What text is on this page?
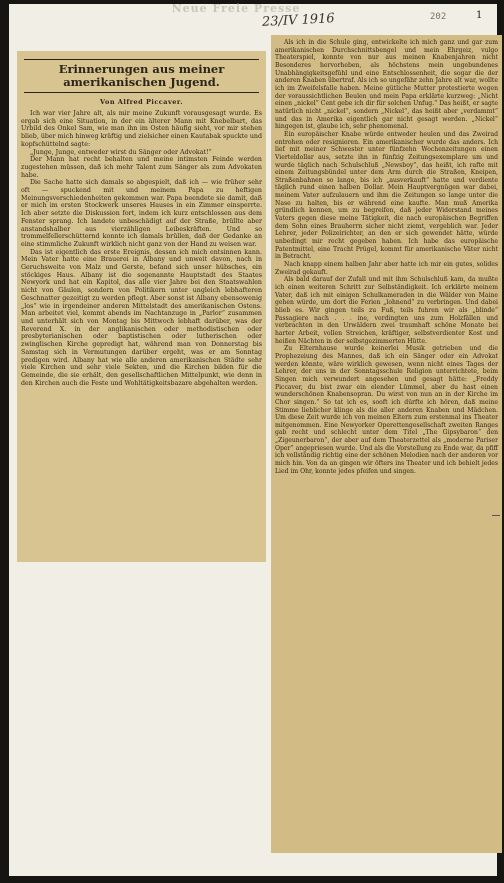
Neue Freie Presse
23/IV 1916	202	1
Erinnerungen aus meiner amerikanischen Jugend.
Von Alfred Piccaver.

Ich war vier Jahre alt, als mir meine Zukunft vorausgesagt wurde. Es ergab sich eine Situation, in der ein älterer Mann mit Knebelbart, das Urbild des Onkel Sam, wie man ihn im Osten häufig sieht, vor mir stehen blieb, über mich hinweg kräftig und zielsicher einen Kautabak spuckte und kopfschüttelnd sagte:

„Junge, Junge, entweder wirst du Sänger oder Advokat!“

Der Mann hat recht behalten und meine intimsten Feinde werden zugestehen müssen, daß ich mehr Talent zum Sänger als zum Advokaten habe.

Die Sache hatte sich damals so abgespielt, daß ich — wie früher sehr oft — spuckend mit und meinem Papa zu heftigen Meinungsverschiedenheiten gekommen war. Papa beendete sie damit, daß er mich im ersten Stockwerk unseres Hauses in ein Zimmer einsperrte. Ich aber setzte die Diskussion fort, indem ich kurz entschlossen aus dem Fenster sprang. Ich landete unbeschädigt auf der Straße, brüllte aber anstandshalber aus vierzähligen Leibeskräften. Und so trommelfellerschütternd konnte ich damals brüllen, daß der Gedanke an eine stimmliche Zukunft wirklich nicht ganz von der Hand zu weisen war.

Das ist eigentlich das erste Ereignis, dessen ich mich entsinnen kann. Mein Vater hatte eine Brauerei in Albany und unweit davon, nach in Geruchsweite von Malz und Gerste, befand sich unser hübsches, ein stöckiges Haus. Albany ist die sogenannte Hauptstadt des Staates Newyork und hat ein Kapitol, das alle vier Jahre bei den Staatswahlen nicht von Gäulen, sondern von Politikern unter ungleich lebhafteren Geschnatter gezeitigt zu werden pflegt. Aber sonst ist Albany ebensowenig „los“ wie in irgendeiner anderen Mittelstadt des amerikanischen Ostens. Man arbeitet viel, kommt abends im Nachtanzuge in „Parlor“ zusammen und unterhält sich von Montag bis Mittwoch lebhaft darüber, was der Reverend X. in der anglikanischen oder methodistischen oder presbyterianischen oder baptistischen oder lutherischen oder zwinglischen Kirche gepredigt hat, während man von Donnerstag bis Samstag sich in Vermutungen darüber ergeht, was er am Sonntag predigen wird. Albany hat wie alle anderen amerikanischen Städte sehr viele Kirchen und sehr viele Sekten, und die Kirchen bilden für die Gemeinde, die sie erhält, den gesellschaftlichen Mittelpunkt, wie denn in den Kirchen auch die Feste und Wohltätigkeitsbazare abgehalten werden.

Als ich in die Schule ging, entwickelte ich mich ganz und gar zum amerikanischen Durchschnittsbengel und mein Ehrgeiz, vulgo Theaterspiel, konnte von nur aus meinen Knabenjahren nicht Besonderes hervorheben, als höchstens mein ungebundenes Unabhängigkeitsgefühl und eine Entschlossenheit, die sogar die der anderen Knaben übertraf. Als ich so ungefähr zehn Jahre alt war, wollte ich im Zweifelsfalle haben. Meine gütliche Mutter protestierte wegen der voraussichtlichen Beulen und mein Papa erklärte kurzweg: „Nicht einen „nickel“ Cent gebe ich dir für solchen Unfug.“ Das heißt, er sagte natürlich nicht „nickel“, sondern „Nickel“, das heißt aber „verdammt“ und das in Amerika eigentlich gar nicht gesagt werden. „Nickel“ hingegen ist, glaube ich, sehr phenomenal.

Ein europäischer Knabe würde entweder heulen und das Zweirad entrohen oder resignieren. Ein amerikanischer wurde das anders. Ich lief mit meiner Schwester unter fünfzehn Wochenzeitungen einen Vierteldollar aus, setzte ihn in fünfzig Zeitungsexemplare um und wurde täglich nach Schulschluß „Newsboy“, das heißt, ich rafte mit einem Zeitungsbündel unter dem Arm durch die Straßen, Kneipen, Straßenbahnen so lange, bis ich „ausverkauft“ hatte und verdiente täglich rund einen halben Dollar. Mein Hauptvergnügen war dabei, meinem Vater aufzulauern und ihm die Zeitungen so lange unter die Nase zu halten, bis er während eine kaufte. Man muß Amerika gründlich kennen, um zu begreifen, daß jeder Widerstand meines Vaters gegen diese meine Tätigkeit, die nach europäischen Begriffen dem Sohn eines Brauherrn sicher nicht ziemt, vergeblich war. Jeder Lehrer, jeder Polizeirichter, an den er sich gewendet hätte, würde unbedingt mir recht gegeben haben. Ich habe das europäische Patentmittel, eine Tracht Prügel, kommt für amerikanische Väter nicht in Betracht.

Nach knapp einem halben Jahr aber hatte ich mir ein gutes, solides Zweirad gekauft.

Als bald darauf der Zufall und mit ihm Schulschluß kam, da mußte ich einen weiteren Schritt zur Selbständigkeit. Ich erklärte meinem Vater, daß ich mit einigen Schulkameraden in die Wälder von Maine gehen würde, um dort die Ferien „lohnend“ zu verbringen. Und dabei blieb es. Wir gingen teils zu Fuß, teils fuhren wir als „blinde“ Passagiere nach . . . ine, verdingten uns zum Holzfällen und verbrachten in den Urwäldern zwei traumhaft schöne Monate bei harter Arbeit, vollen Streichen, kräftiger, selbstverdienter Kost und heißen Nächten in der selbstgezimmerten Hütte.

Zu Elternhause wurde keinerlei Musik getrieben und die Prophezeiung des Mannes, daß ich ein Sänger oder ein Advokat werden könnte, wäre wirklich gewesen, wenn nicht eines Tages der Lehrer, der uns in der Sonntagsschule Religion unterrichtete, beim Singen mich verwundert angesehen und gesagt hätte: „Freddy Piccaver, du bist zwar ein elender Lümmel, aber du hast einen wunderschönen Knabensopran. Du wirst von nun an in der Kirche im Chor singen.“ So tat ich es, sooft ich dürfte ich hören, daß meine Stimme lieblicher klinge als die aller anderen Knaben und Mädchen. Um diese Zeit wurde ich von meinen Eltern zum erstenmal ins Theater mitgenommen. Eine Newyorker Operettengesellschaft zweiten Ranges gab recht und schlecht unter dem Titel „The Gipsybaron“ den „Zigeunerbaron“, der aber auf dem Theaterzettel als „moderne Pariser Oper“ angepriesen wurde. Und als die Vorstellung zu Ende war, da pfiff ich vollständig richtig eine der schönen Melodien nach der anderen vor mich hin. Von da an gingen wir öfters ins Theater und ich behielt jedes Lied im Ohr, konnte jedes pfeifen und singen.
